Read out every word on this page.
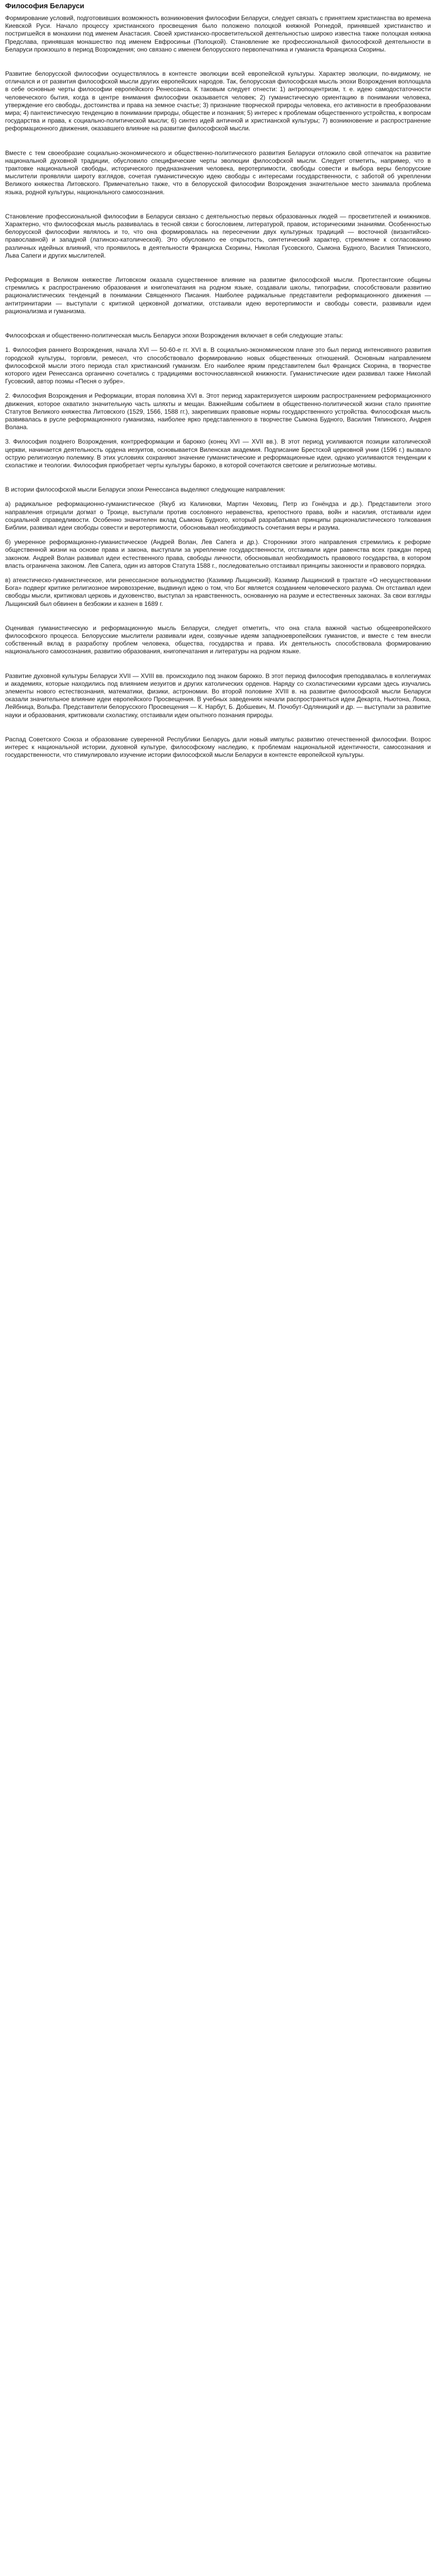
Философия Беларуси

Формирование условий, подготовивших возможность возникновения философии Беларуси, следует связать с принятием христианства во времена Киевской Руси. Начало процессу христианского просвещения было положено полоцкой княжной Рогнедой, принявшей христианство и постригшейся в монахини под именем Анастасия. Своей христианско-просветительской деятельностью широко известна также полоцкая княжна Предслава, принявшая монашество под именем Евфросиньи (Полоцкой). Становление же профессиональной философской деятельности в Беларуси произошло в период Возрождения; оно связано с именем белорусского первопечатника и гуманиста Франциска Скорины.

Развитие белорусской философии осуществлялось в контексте эволюции всей европейской культуры. Характер эволюции, по-видимому, не отличался и от развития философской мысли других европейских народов. Так, белорусская философская мысль эпохи Возрождения воплощала в себе основные черты философии европейского Ренессанса. К таковым следует отнести: 1) антропоцентризм, т. е. идею самодостаточности человеческого бытия, когда в центре внимания философии оказывается человек; 2) гуманистическую ориентацию в понимании человека, утверждение его свободы, достоинства и права на земное счастье; 3) признание творческой природы человека, его активности в преобразовании мира; 4) пантеистическую тенденцию в понимании природы, обществе и познания; 5) интерес к проблемам общественного устройства, к вопросам государства и права, к социально-политической мысли; 6) синтез идей античной и христианской культуры; 7) возникновение и распространение реформационного движения, оказавшего влияние на развитие философской мысли.

Вместе с тем своеобразие социально-экономического и общественно-политического развития Беларуси отложило свой отпечаток на развитие национальной духовной традиции, обусловило специфические черты эволюции философской мысли. Следует отметить, например, что в трактовке национальной свободы, исторического предназначения человека, веротерпимости, свободы совести и выбора веры белорусские мыслители проявляли широту взглядов, сочетая гуманистическую идею свободы с интересами государственности, с заботой об укреплении Великого княжества Литовского. Примечательно также, что в белорусской философии Возрождения значительное место занимала проблема языка, родной культуры, национального самосознания.

Становление профессиональной философии в Беларуси связано с деятельностью первых образованных людей — просветителей и книжников. Характерно, что философская мысль развивалась в тесной связи с богословием, литературой, правом, историческими знаниями. Особенностью белорусской философии являлось и то, что она формировалась на пересечении двух культурных традиций — восточной (византийско-православной) и западной (латинско-католической). Это обусловило ее открытость, синтетический характер, стремление к согласованию различных идейных влияний, что проявилось в деятельности Франциска Скорины, Николая Гусовского, Сымона Будного, Василия Тяпинского, Льва Сапеги и других мыслителей.

Реформация в Великом княжестве Литовском оказала существенное влияние на развитие философской мысли. Протестантские общины стремились к распространению образования и книгопечатания на родном языке, создавали школы, типографии, способствовали развитию рационалистических тенденций в понимании Священного Писания. Наиболее радикальные представители реформационного движения — антитринитарии — выступали с критикой церковной догматики, отстаивали идею веротерпимости и свободы совести, развивали идеи рационализма и гуманизма.

Философская и общественно-политическая мысль Беларуси эпохи Возрождения включает в себя следующие этапы:

1. Философия раннего Возрождения, начала XVI — 50-60-е гг. XVI в. В социально-экономическом плане это был период интенсивного развития городской культуры, торговли, ремесел, что способствовало формированию новых общественных отношений. Основным направлением философской мысли этого периода стал христианский гуманизм. Его наиболее ярким представителем был Франциск Скорина, в творчестве которого идеи Ренессанса органично сочетались с традициями восточнославянской книжности. Гуманистические идеи развивал также Николай Гусовский, автор поэмы «Песня о зубре».

2. Философия Возрождения и Реформации, вторая половина XVI в. Этот период характеризуется широким распространением реформационного движения, которое охватило значительную часть шляхты и мещан. Важнейшим событием в общественно-политической жизни стало принятие Статутов Великого княжества Литовского (1529, 1566, 1588 гг.), закрепивших правовые нормы государственного устройства. Философская мысль развивалась в русле реформационного гуманизма, наиболее ярко представленного в творчестве Сымона Будного, Василия Тяпинского, Андрея Волана.

3. Философия позднего Возрождения, контрреформации и барокко (конец XVI — XVII вв.). В этот период усиливаются позиции католической церкви, начинается деятельность ордена иезуитов, основывается Виленская академия. Подписание Брестской церковной унии (1596 г.) вызвало острую религиозную полемику. В этих условиях сохраняют значение гуманистические и реформационные идеи, однако усиливаются тенденции к схоластике и теологии. Философия приобретает черты культуры барокко, в которой сочетаются светские и религиозные мотивы.

В истории философской мысли Беларуси эпохи Ренессанса выделяют следующие направления:

а) радикальное реформационно-гуманистическое (Якуб из Калиновки, Мартин Чеховиц, Петр из Гонёндза и др.). Представители этого направления отрицали догмат о Троице, выступали против сословного неравенства, крепостного права, войн и насилия, отстаивали идеи социальной справедливости. Особенно значителен вклад Сымона Будного, который разрабатывал принципы рационалистического толкования Библии, развивал идеи свободы совести и веротерпимости, обосновывал необходимость сочетания веры и разума.

б) умеренное реформационно-гуманистическое (Андрей Волан, Лев Сапега и др.). Сторонники этого направления стремились к реформе общественной жизни на основе права и закона, выступали за укрепление государственности, отстаивали идеи равенства всех граждан перед законом. Андрей Волан развивал идеи естественного права, свободы личности, обосновывал необходимость правового государства, в котором власть ограничена законом. Лев Сапега, один из авторов Статута 1588 г., последовательно отстаивал принципы законности и правового порядка.

в) атеистическо-гуманистическое, или ренессансное вольнодумство (Казимир Лыщинский). Казимир Лыщинский в трактате «О несуществовании Бога» подверг критике религиозное мировоззрение, выдвинул идею о том, что Бог является созданием человеческого разума. Он отстаивал идеи свободы мысли, критиковал церковь и духовенство, выступал за нравственность, основанную на разуме и естественных законах. За свои взгляды Лыщинский был обвинен в безбожии и казнен в 1689 г.

Оценивая гуманистическую и реформационную мысль Беларуси, следует отметить, что она стала важной частью общеевропейского философского процесса. Белорусские мыслители развивали идеи, созвучные идеям западноевропейских гуманистов, и вместе с тем внесли собственный вклад в разработку проблем человека, общества, государства и права. Их деятельность способствовала формированию национального самосознания, развитию образования, книгопечатания и литературы на родном языке.

Развитие духовной культуры Беларуси XVII — XVIII вв. происходило под знаком барокко. В этот период философия преподавалась в коллегиумах и академиях, которые находились под влиянием иезуитов и других католических орденов. Наряду со схоластическими курсами здесь изучались элементы нового естествознания, математики, физики, астрономии. Во второй половине XVIII в. на развитие философской мысли Беларуси оказали значительное влияние идеи европейского Просвещения. В учебных заведениях начали распространяться идеи Декарта, Ньютона, Локка, Лейбница, Вольфа. Представители белорусского Просвещения — К. Нарбут, Б. Добшевич, М. Почобут-Одляницкий и др. — выступали за развитие науки и образования, критиковали схоластику, отстаивали идеи опытного познания природы.

Распад Советского Союза и образование суверенной Республики Беларусь дали новый импульс развитию отечественной философии. Возрос интерес к национальной истории, духовной культуре, философскому наследию, к проблемам национальной идентичности, самосознания и государственности, что стимулировало изучение истории философской мысли Беларуси в контексте европейской культуры.
